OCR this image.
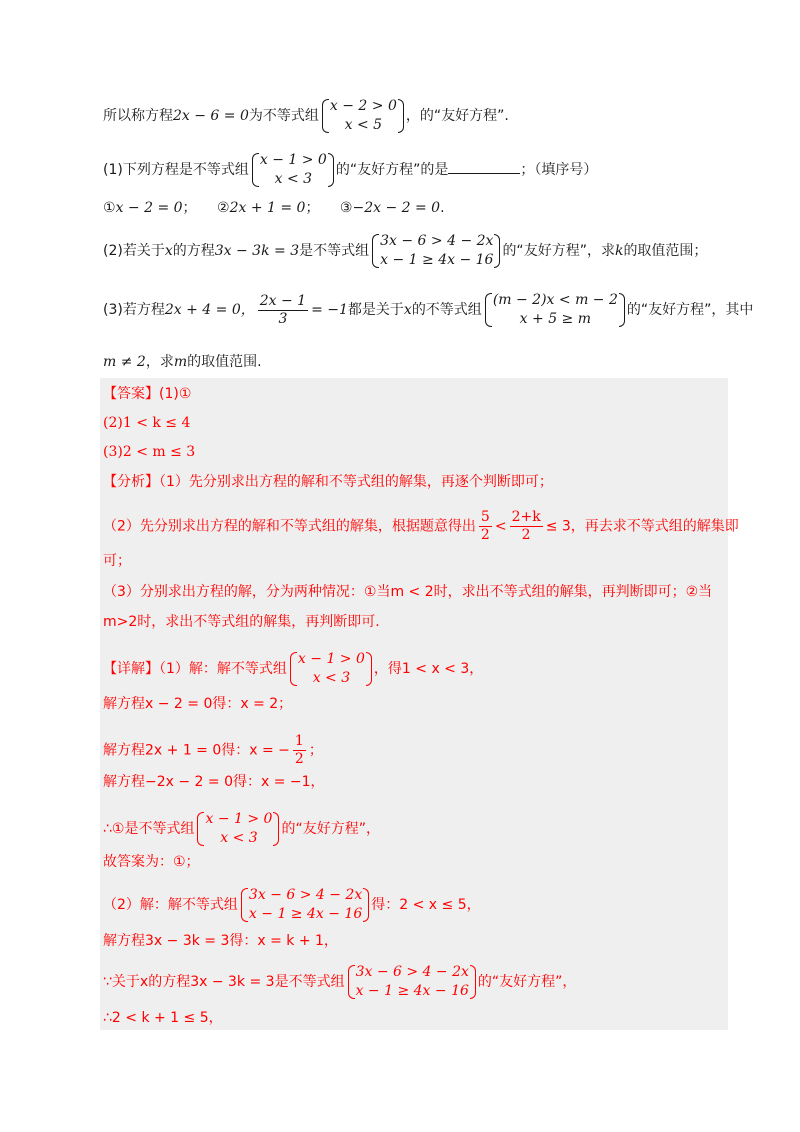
所以称方程2x − 6 = 0为不等式组
x − 2 > 0
x < 5
，的“友好方程”.
(1)下列方程是不等式组
x − 1 > 0
x < 3
的“友好方程”的是	；（填序号）
①x − 2 = 0； ②2x + 1 = 0； ③−2x − 2 = 0.
(2)若关于x的方程3x − 3k = 3是不等式组
3x − 6 > 4 − 2x
x − 1 ≥ 4x − 16
的“友好方程”，求k的取值范围；
(3)若方程2x + 4 = 0， $\frac{2x - 1}{3} = -1$都是关于x的不等式组
(m − 2)x < m − 2
x + 5 ≥ m
的“友好方程”，其中
m ≠ 2，求m的取值范围.
【答案】(1)①
(2)1 < k ≤ 4
(3)2 < m ≤ 3
【分析】（1）先分别求出方程的解和不等式组的解集，再逐个判断即可；
（2）先分别求出方程的解和不等式组的解集，根据题意得出 $\frac{5}{2} < \frac{2+k}{2} \le 3$，再去求不等式组的解集即
可；
（3）分别求出方程的解，分为两种情况：①当m < 2时，求出不等式组的解集，再判断即可；②当
m>2时，求出不等式组的解集，再判断即可.
【详解】（1）解：解不等式组
x − 1 > 0
x < 3
，得1 < x < 3，
解方程x − 2 = 0得：x = 2；
解方程2x + 1 = 0得：x = − $\frac{1}{2}$ ；
解方程−2x − 2 = 0得：x = −1，
∴①是不等式组
x − 1 > 0
x < 3
的“友好方程”，
故答案为：①；
（2）解：解不等式组
3x − 6 > 4 − 2x
x − 1 ≥ 4x − 16
得：2 < x ≤ 5，
解方程3x − 3k = 3得：x = k + 1，
∵关于x的方程3x − 3k = 3是不等式组
3x − 6 > 4 − 2x
x − 1 ≥ 4x − 16
的“友好方程”，
∴2 < k + 1 ≤ 5，
